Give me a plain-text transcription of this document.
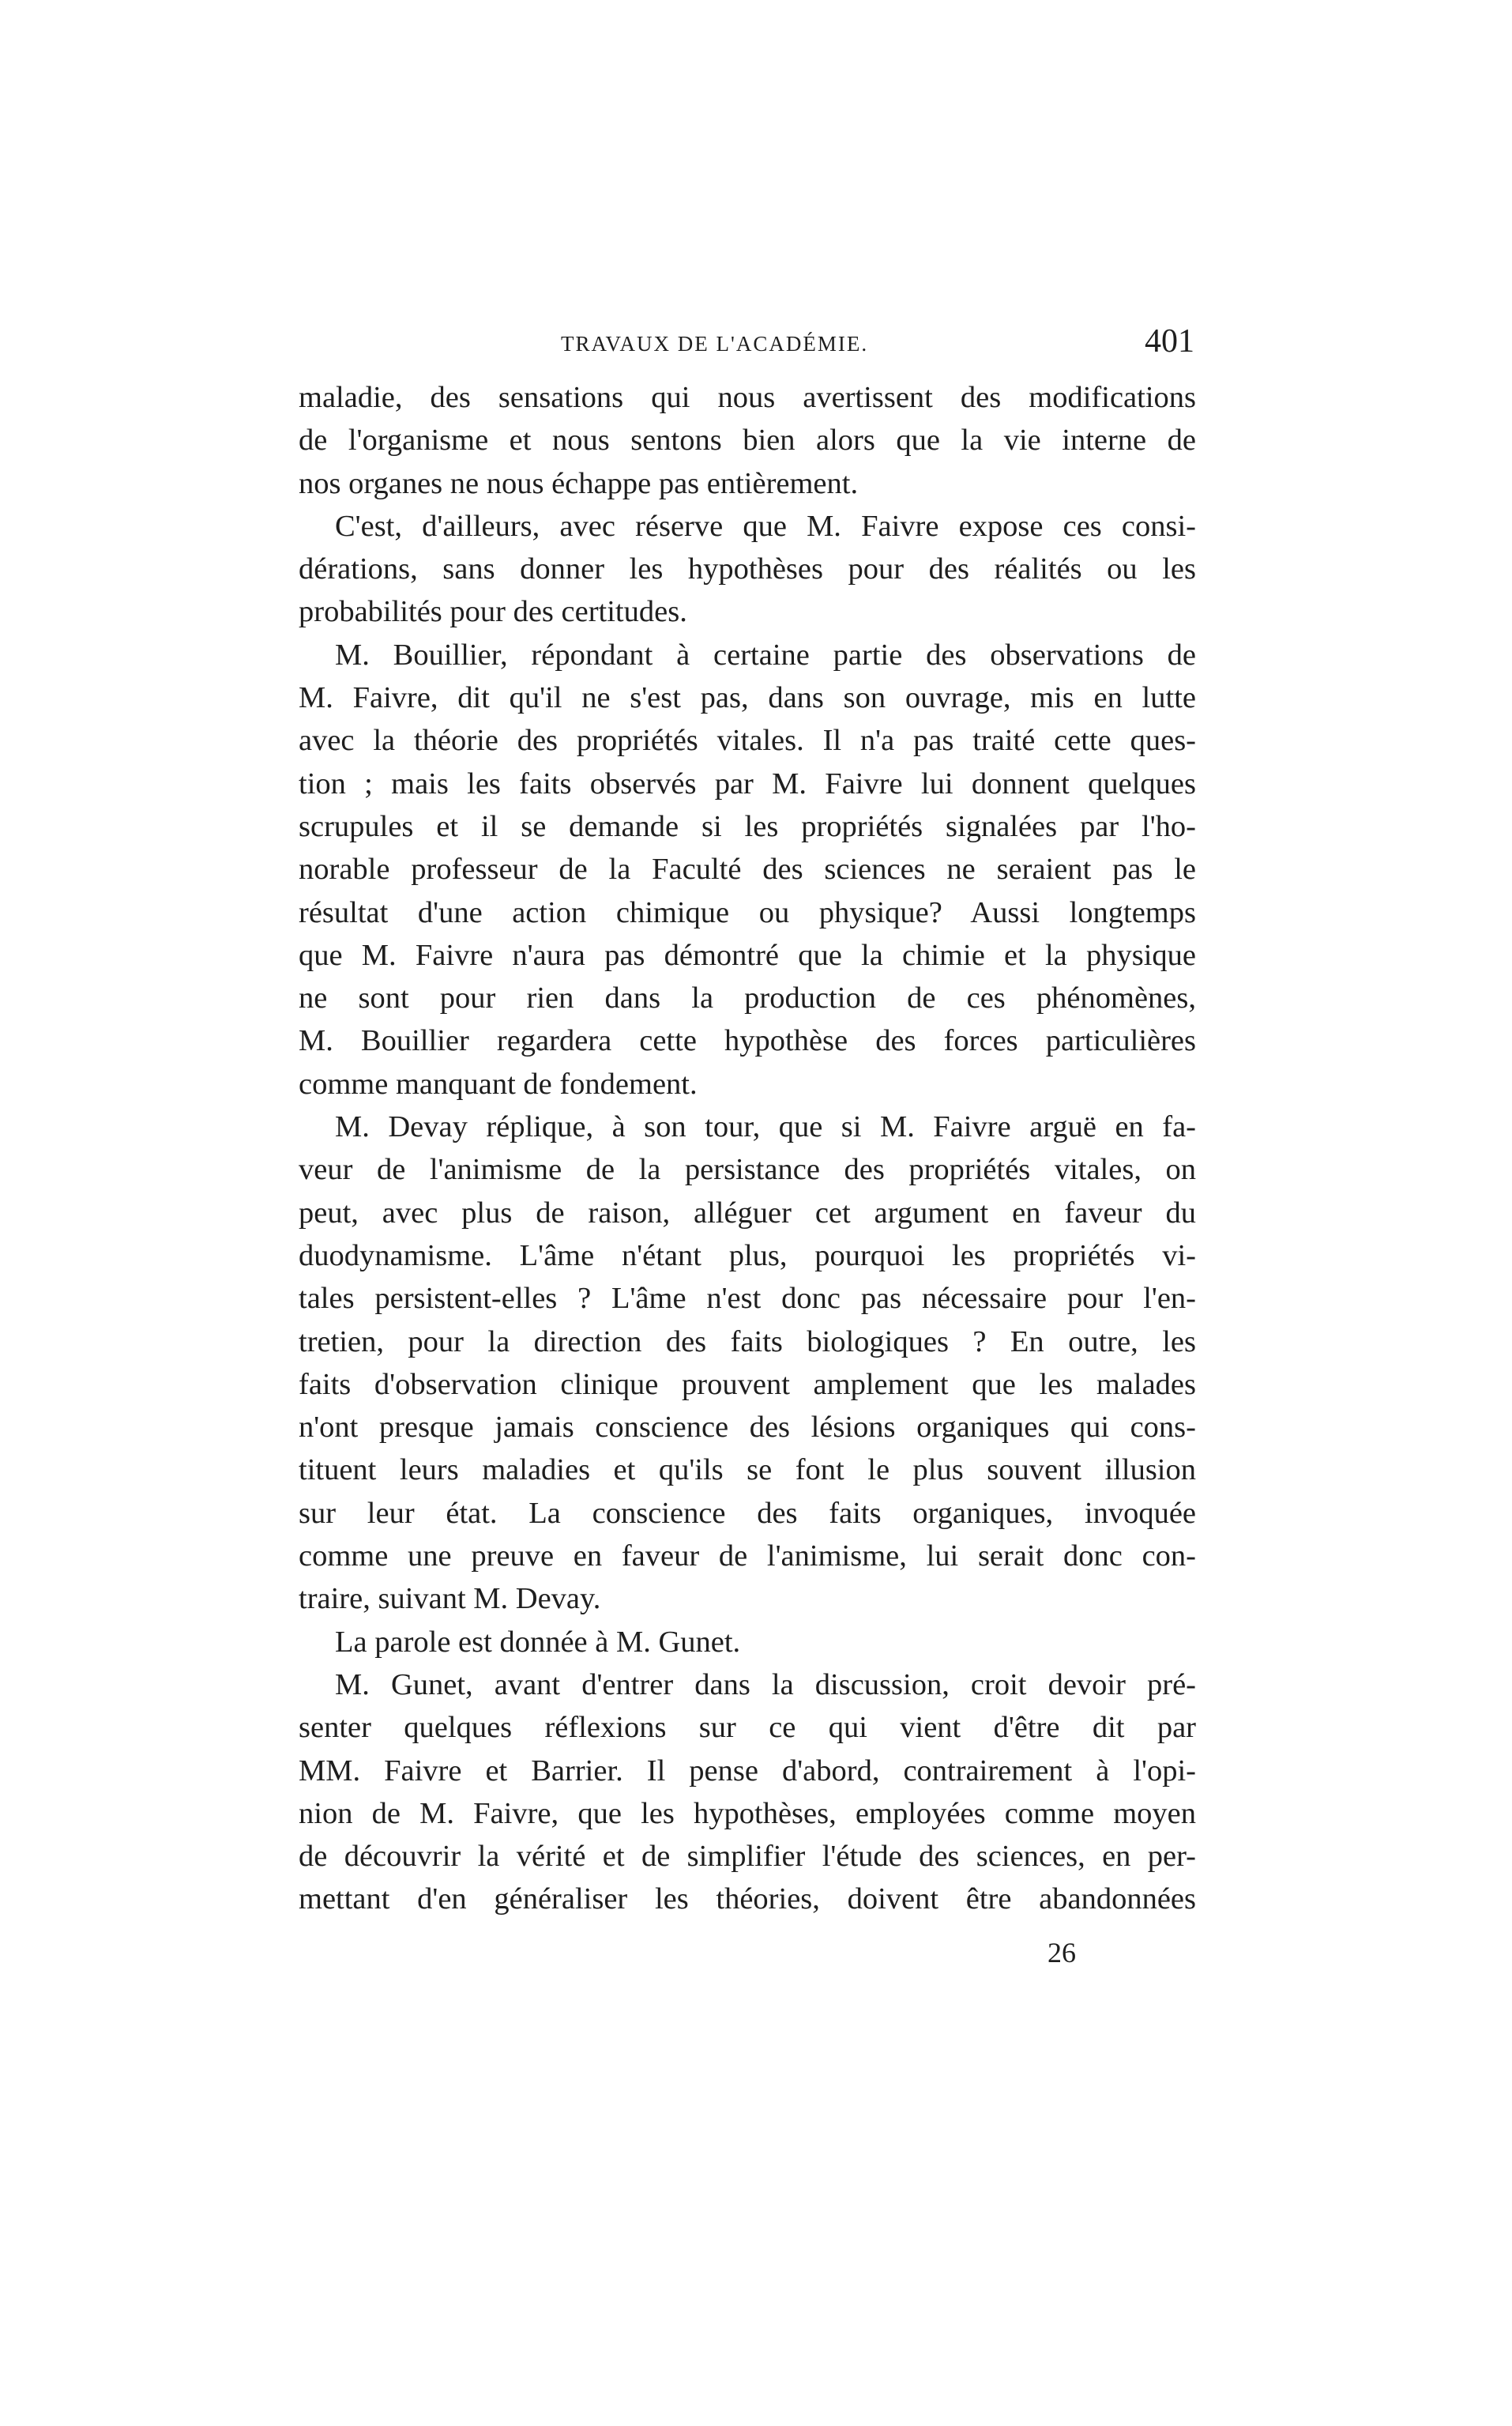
TRAVAUX DE L'ACADÉMIE.	401
maladie, des sensations qui nous avertissent des modifications
de l'organisme et nous sentons bien alors que la vie interne de
nos organes ne nous échappe pas entièrement.
C'est, d'ailleurs, avec réserve que M. Faivre expose ces consi-
dérations, sans donner les hypothèses pour des réalités ou les
probabilités pour des certitudes.
M. Bouillier, répondant à certaine partie des observations de
M. Faivre, dit qu'il ne s'est pas, dans son ouvrage, mis en lutte
avec la théorie des propriétés vitales. Il n'a pas traité cette ques-
tion ; mais les faits observés par M. Faivre lui donnent quelques
scrupules et il se demande si les propriétés signalées par l'ho-
norable professeur de la Faculté des sciences ne seraient pas le
résultat d'une action chimique ou physique? Aussi longtemps
que M. Faivre n'aura pas démontré que la chimie et la physique
ne sont pour rien dans la production de ces phénomènes,
M. Bouillier regardera cette hypothèse des forces particulières
comme manquant de fondement.
M. Devay réplique, à son tour, que si M. Faivre arguë en fa-
veur de l'animisme de la persistance des propriétés vitales, on
peut, avec plus de raison, alléguer cet argument en faveur du
duodynamisme. L'âme n'étant plus, pourquoi les propriétés vi-
tales persistent-elles ? L'âme n'est donc pas nécessaire pour l'en-
tretien, pour la direction des faits biologiques ? En outre, les
faits d'observation clinique prouvent amplement que les malades
n'ont presque jamais conscience des lésions organiques qui cons-
tituent leurs maladies et qu'ils se font le plus souvent illusion
sur leur état. La conscience des faits organiques, invoquée
comme une preuve en faveur de l'animisme, lui serait donc con-
traire, suivant M. Devay.
La parole est donnée à M. Gunet.
M. Gunet, avant d'entrer dans la discussion, croit devoir pré-
senter quelques réflexions sur ce qui vient d'être dit par
MM. Faivre et Barrier. Il pense d'abord, contrairement à l'opi-
nion de M. Faivre, que les hypothèses, employées comme moyen
de découvrir la vérité et de simplifier l'étude des sciences, en per-
mettant d'en généraliser les théories, doivent être abandonnées
26
